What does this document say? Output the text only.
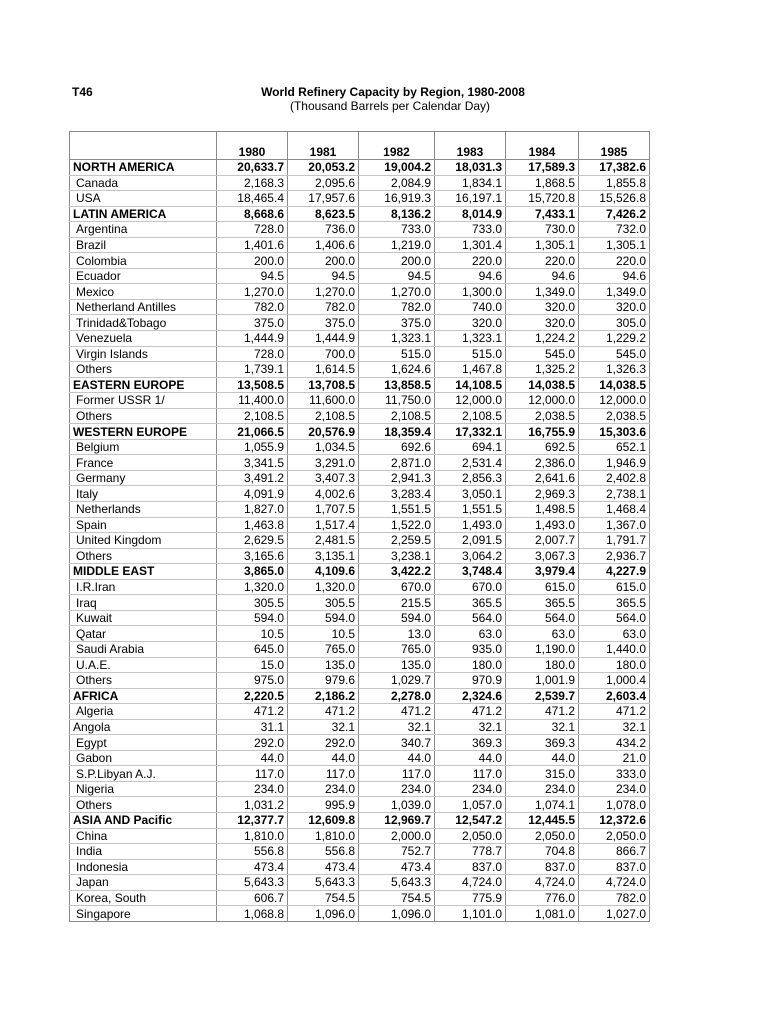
T46	World Refinery Capacity by Region, 1980-2008
(Thousand Barrels per Calendar Day)

	1980	1981	1982	1983	1984	1985
NORTH AMERICA	20,633.7	20,053.2	19,004.2	18,031.3	17,589.3	17,382.6
Canada	2,168.3	2,095.6	2,084.9	1,834.1	1,868.5	1,855.8
USA	18,465.4	17,957.6	16,919.3	16,197.1	15,720.8	15,526.8
LATIN AMERICA	8,668.6	8,623.5	8,136.2	8,014.9	7,433.1	7,426.2
Argentina	728.0	736.0	733.0	733.0	730.0	732.0
Brazil	1,401.6	1,406.6	1,219.0	1,301.4	1,305.1	1,305.1
Colombia	200.0	200.0	200.0	220.0	220.0	220.0
Ecuador	94.5	94.5	94.5	94.6	94.6	94.6
Mexico	1,270.0	1,270.0	1,270.0	1,300.0	1,349.0	1,349.0
Netherland Antilles	782.0	782.0	782.0	740.0	320.0	320.0
Trinidad&Tobago	375.0	375.0	375.0	320.0	320.0	305.0
Venezuela	1,444.9	1,444.9	1,323.1	1,323.1	1,224.2	1,229.2
Virgin Islands	728.0	700.0	515.0	515.0	545.0	545.0
Others	1,739.1	1,614.5	1,624.6	1,467.8	1,325.2	1,326.3
EASTERN EUROPE	13,508.5	13,708.5	13,858.5	14,108.5	14,038.5	14,038.5
Former USSR 1/	11,400.0	11,600.0	11,750.0	12,000.0	12,000.0	12,000.0
Others	2,108.5	2,108.5	2,108.5	2,108.5	2,038.5	2,038.5
WESTERN EUROPE	21,066.5	20,576.9	18,359.4	17,332.1	16,755.9	15,303.6
Belgium	1,055.9	1,034.5	692.6	694.1	692.5	652.1
France	3,341.5	3,291.0	2,871.0	2,531.4	2,386.0	1,946.9
Germany	3,491.2	3,407.3	2,941.3	2,856.3	2,641.6	2,402.8
Italy	4,091.9	4,002.6	3,283.4	3,050.1	2,969.3	2,738.1
Netherlands	1,827.0	1,707.5	1,551.5	1,551.5	1,498.5	1,468.4
Spain	1,463.8	1,517.4	1,522.0	1,493.0	1,493.0	1,367.0
United Kingdom	2,629.5	2,481.5	2,259.5	2,091.5	2,007.7	1,791.7
Others	3,165.6	3,135.1	3,238.1	3,064.2	3,067.3	2,936.7
MIDDLE EAST	3,865.0	4,109.6	3,422.2	3,748.4	3,979.4	4,227.9
I.R.Iran	1,320.0	1,320.0	670.0	670.0	615.0	615.0
Iraq	305.5	305.5	215.5	365.5	365.5	365.5
Kuwait	594.0	594.0	594.0	564.0	564.0	564.0
Qatar	10.5	10.5	13.0	63.0	63.0	63.0
Saudi Arabia	645.0	765.0	765.0	935.0	1,190.0	1,440.0
U.A.E.	15.0	135.0	135.0	180.0	180.0	180.0
Others	975.0	979.6	1,029.7	970.9	1,001.9	1,000.4
AFRICA	2,220.5	2,186.2	2,278.0	2,324.6	2,539.7	2,603.4
Algeria	471.2	471.2	471.2	471.2	471.2	471.2
Angola	31.1	32.1	32.1	32.1	32.1	32.1
Egypt	292.0	292.0	340.7	369.3	369.3	434.2
Gabon	44.0	44.0	44.0	44.0	44.0	21.0
S.P.Libyan A.J.	117.0	117.0	117.0	117.0	315.0	333.0
Nigeria	234.0	234.0	234.0	234.0	234.0	234.0
Others	1,031.2	995.9	1,039.0	1,057.0	1,074.1	1,078.0
ASIA AND Pacific	12,377.7	12,609.8	12,969.7	12,547.2	12,445.5	12,372.6
China	1,810.0	1,810.0	2,000.0	2,050.0	2,050.0	2,050.0
India	556.8	556.8	752.7	778.7	704.8	866.7
Indonesia	473.4	473.4	473.4	837.0	837.0	837.0
Japan	5,643.3	5,643.3	5,643.3	4,724.0	4,724.0	4,724.0
Korea, South	606.7	754.5	754.5	775.9	776.0	782.0
Singapore	1,068.8	1,096.0	1,096.0	1,101.0	1,081.0	1,027.0
